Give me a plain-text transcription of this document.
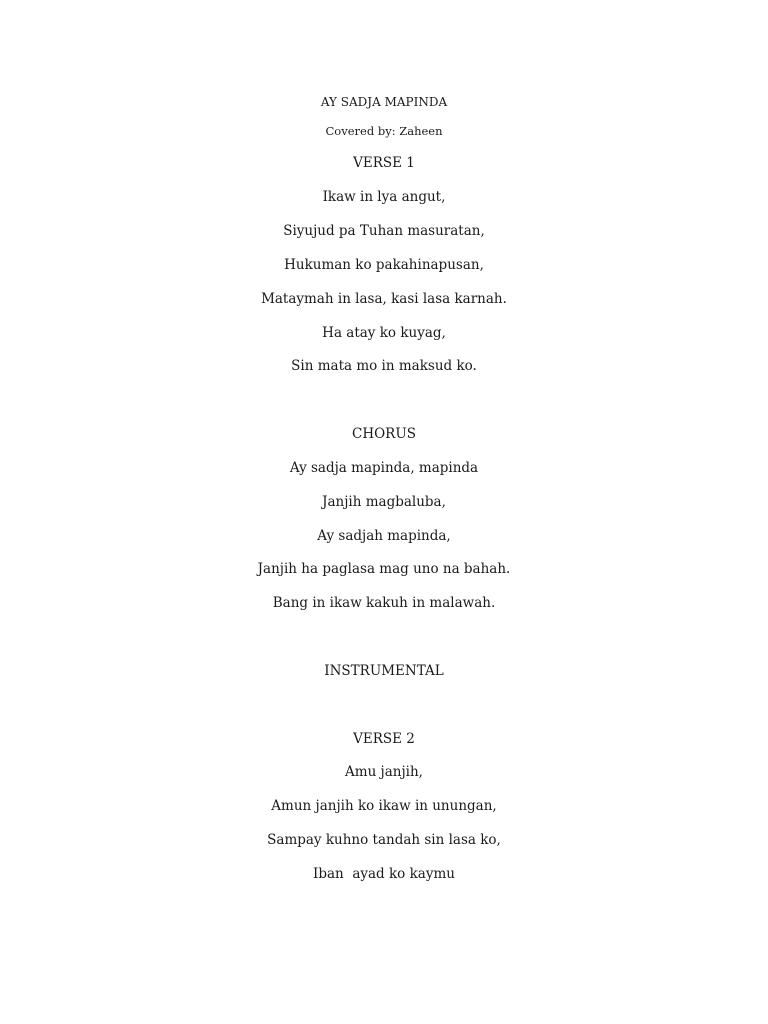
AY SADJA MAPINDA
Covered by: Zaheen
VERSE 1
Ikaw in lya angut,
Siyujud pa Tuhan masuratan,
Hukuman ko pakahinapusan,
Mataymah in lasa, kasi lasa karnah.
Ha atay ko kuyag,
Sin mata mo in maksud ko.
CHORUS
Ay sadja mapinda, mapinda
Janjih magbaluba,
Ay sadjah mapinda,
Janjih ha paglasa mag uno na bahah.
Bang in ikaw kakuh in malawah.
INSTRUMENTAL
VERSE 2
Amu janjih,
Amun janjih ko ikaw in unungan,
Sampay kuhno tandah sin lasa ko,
Iban  ayad ko kaymu
